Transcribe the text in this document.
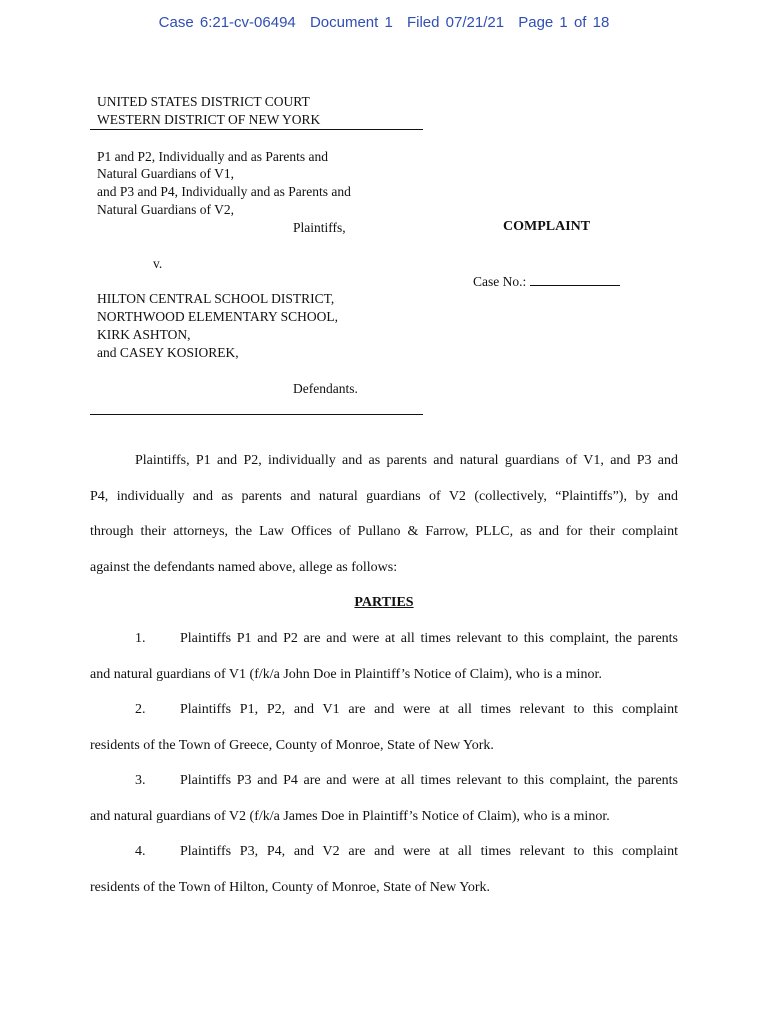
Case 6:21-cv-06494 Document 1 Filed 07/21/21 Page 1 of 18
UNITED STATES DISTRICT COURT
WESTERN DISTRICT OF NEW YORK
P1 and P2, Individually and as Parents and
Natural Guardians of V1,
and P3 and P4, Individually and as Parents and
Natural Guardians of V2,
Plaintiffs,	COMPLAINT
v.
Case No.:
HILTON CENTRAL SCHOOL DISTRICT,
NORTHWOOD ELEMENTARY SCHOOL,
KIRK ASHTON,
and CASEY KOSIOREK,
Defendants.
Plaintiffs, P1 and P2, individually and as parents and natural guardians of V1, and P3 and
P4, individually and as parents and natural guardians of V2 (collectively, “Plaintiffs”), by and
through their attorneys, the Law Offices of Pullano & Farrow, PLLC, as and for their complaint
against the defendants named above, allege as follows:
PARTIES
1. Plaintiffs P1 and P2 are and were at all times relevant to this complaint, the parents
and natural guardians of V1 (f/k/a John Doe in Plaintiff’s Notice of Claim), who is a minor.
2. Plaintiffs P1, P2, and V1 are and were at all times relevant to this complaint
residents of the Town of Greece, County of Monroe, State of New York.
3. Plaintiffs P3 and P4 are and were at all times relevant to this complaint, the parents
and natural guardians of V2 (f/k/a James Doe in Plaintiff’s Notice of Claim), who is a minor.
4. Plaintiffs P3, P4, and V2 are and were at all times relevant to this complaint
residents of the Town of Hilton, County of Monroe, State of New York.
